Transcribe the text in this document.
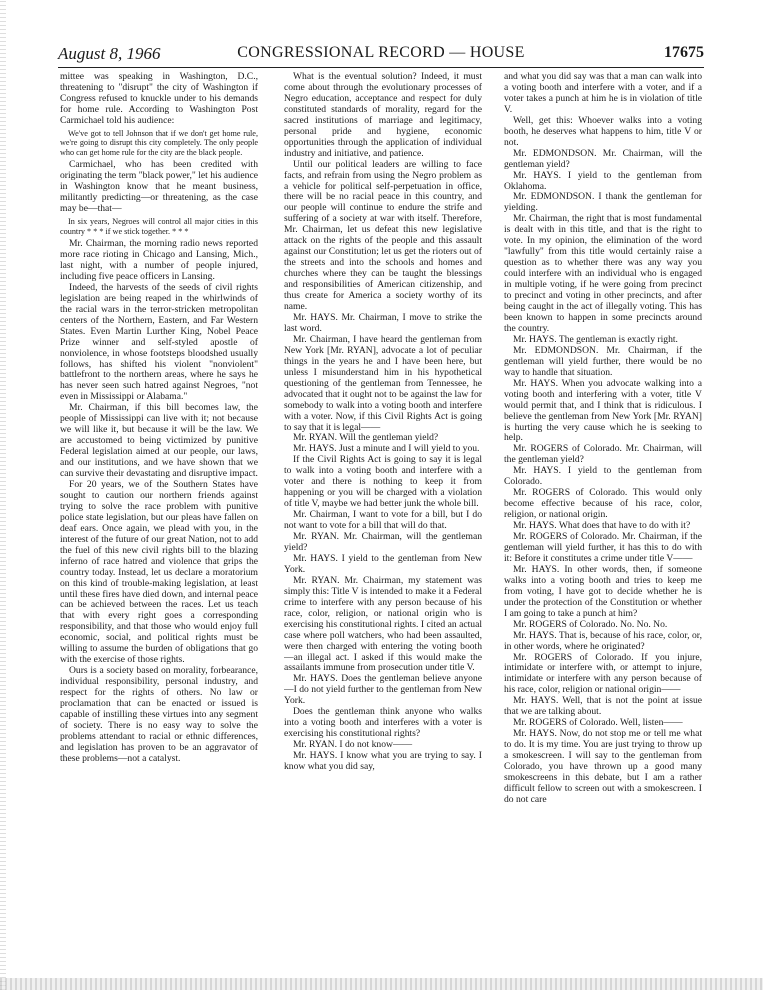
August 8, 1966	CONGRESSIONAL RECORD — HOUSE	17675

mittee was speaking in Washington, D.C., threatening to "disrupt" the city of Washington if Congress refused to knuckle under to his demands for home rule. According to Washington Post Carmichael told his audience:

We've got to tell Johnson that if we don't get home rule, we're going to disrupt this city completely. The only people who can get home rule for the city are the black people.

Carmichael, who has been credited with originating the term "black power," let his audience in Washington know that he meant business, militantly predicting—or threatening, as the case may be—that—

In six years, Negroes will control all major cities in this country * * * if we stick together. * * *

Mr. Chairman, the morning radio news reported more race rioting in Chicago and Lansing, Mich., last night, with a number of people injured, including five peace officers in Lansing.

Indeed, the harvests of the seeds of civil rights legislation are being reaped in the whirlwinds of the racial wars in the terror-stricken metropolitan centers of the Northern, Eastern, and Far Western States. Even Martin Lurther King, Nobel Peace Prize winner and self-styled apostle of nonviolence, in whose footsteps bloodshed usually follows, has shifted his violent "nonviolent" battlefront to the northern areas, where he says he has never seen such hatred against Negroes, "not even in Mississippi or Alabama."

Mr. Chairman, if this bill becomes law, the people of Mississippi can live with it; not because we will like it, but because it will be the law. We are accustomed to being victimized by punitive Federal legislation aimed at our people, our laws, and our institutions, and we have shown that we can survive their devastating and disruptive impact.

For 20 years, we of the Southern States have sought to caution our northern friends against trying to solve the race problem with punitive police state legislation, but our pleas have fallen on deaf ears. Once again, we plead with you, in the interest of the future of our great Nation, not to add the fuel of this new civil rights bill to the blazing inferno of race hatred and violence that grips the country today. Instead, let us declare a moratorium on this kind of trouble-making legislation, at least until these fires have died down, and internal peace can be achieved between the races. Let us teach that with every right goes a corresponding responsibility, and that those who would enjoy full economic, social, and political rights must be willing to assume the burden of obligations that go with the exercise of those rights.

Ours is a society based on morality, forbearance, individual responsibility, personal industry, and respect for the rights of others. No law or proclamation that can be enacted or issued is capable of instilling these virtues into any segment of society. There is no easy way to solve the problems attendant to racial or ethnic differences, and legislation has proven to be an aggravator of these problems—not a catalyst.

What is the eventual solution? Indeed, it must come about through the evolutionary processes of Negro education, acceptance and respect for duly constituted standards of morality, regard for the sacred institutions of marriage and legitimacy, personal pride and hygiene, economic opportunities through the application of individual industry and initiative, and patience.

Until our political leaders are willing to face facts, and refrain from using the Negro problem as a vehicle for political self-perpetuation in office, there will be no racial peace in this country, and our people will continue to endure the strife and suffering of a society at war with itself. Therefore, Mr. Chairman, let us defeat this new legislative attack on the rights of the people and this assault against our Constitution; let us get the rioters out of the streets and into the schools and homes and churches where they can be taught the blessings and responsibilities of American citizenship, and thus create for America a society worthy of its name.

Mr. HAYS. Mr. Chairman, I move to strike the last word.

Mr. Chairman, I have heard the gentleman from New York [Mr. RYAN], advocate a lot of peculiar things in the years he and I have been here, but unless I misunderstand him in his hypothetical questioning of the gentleman from Tennessee, he advocated that it ought not to be against the law for somebody to walk into a voting booth and interfere with a voter. Now, if this Civil Rights Act is going to say that it is legal——

Mr. RYAN. Will the gentleman yield?

Mr. HAYS. Just a minute and I will yield to you.

If the Civil Rights Act is going to say it is legal to walk into a voting booth and interfere with a voter and there is nothing to keep it from happening or you will be charged with a violation of title V, maybe we had better junk the whole bill.

Mr. Chairman, I want to vote for a bill, but I do not want to vote for a bill that will do that.

Mr. RYAN. Mr. Chairman, will the gentleman yield?

Mr. HAYS. I yield to the gentleman from New York.

Mr. RYAN. Mr. Chairman, my statement was simply this: Title V is intended to make it a Federal crime to interfere with any person because of his race, color, religion, or national origin who is exercising his constitutional rights. I cited an actual case where poll watchers, who had been assaulted, were then charged with entering the voting booth—an illegal act. I asked if this would make the assailants immune from prosecution under title V.

Mr. HAYS. Does the gentleman believe anyone—I do not yield further to the gentleman from New York.

Does the gentleman think anyone who walks into a voting booth and interferes with a voter is exercising his constitutional rights?

Mr. RYAN. I do not know——

Mr. HAYS. I know what you are trying to say. I know what you did say,

and what you did say was that a man can walk into a voting booth and interfere with a voter, and if a voter takes a punch at him he is in violation of title V.

Well, get this: Whoever walks into a voting booth, he deserves what happens to him, title V or not.

Mr. EDMONDSON. Mr. Chairman, will the gentleman yield?

Mr. HAYS. I yield to the gentleman from Oklahoma.

Mr. EDMONDSON. I thank the gentleman for yielding.

Mr. Chairman, the right that is most fundamental is dealt with in this title, and that is the right to vote. In my opinion, the elimination of the word "lawfully" from this title would certainly raise a question as to whether there was any way you could interfere with an individual who is engaged in multiple voting, if he were going from precinct to precinct and voting in other precincts, and after being caught in the act of illegally voting. This has been known to happen in some precincts around the country.

Mr. HAYS. The gentleman is exactly right.

Mr. EDMONDSON. Mr. Chairman, if the gentleman will yield further, there would be no way to handle that situation.

Mr. HAYS. When you advocate walking into a voting booth and interfering with a voter, title V would permit that, and I think that is ridiculous. I believe the gentleman from New York [Mr. RYAN] is hurting the very cause which he is seeking to help.

Mr. ROGERS of Colorado. Mr. Chairman, will the gentleman yield?

Mr. HAYS. I yield to the gentleman from Colorado.

Mr. ROGERS of Colorado. This would only become effective because of his race, color, religion, or national origin.

Mr. HAYS. What does that have to do with it?

Mr. ROGERS of Colorado. Mr. Chairman, if the gentleman will yield further, it has this to do with it: Before it constitutes a crime under title V——

Mr. HAYS. In other words, then, if someone walks into a voting booth and tries to keep me from voting, I have got to decide whether he is under the protection of the Constitution or whether I am going to take a punch at him?

Mr. ROGERS of Colorado. No. No. No.

Mr. HAYS. That is, because of his race, color, or, in other words, where he originated?

Mr. ROGERS of Colorado. If you injure, intimidate or interfere with, or attempt to injure, intimidate or interfere with any person because of his race, color, religion or national origin——

Mr. HAYS. Well, that is not the point at issue that we are talking about.

Mr. ROGERS of Colorado. Well, listen——

Mr. HAYS. Now, do not stop me or tell me what to do. It is my time. You are just trying to throw up a smokescreen. I will say to the gentleman from Colorado, you have thrown up a good many smokescreens in this debate, but I am a rather difficult fellow to screen out with a smokescreen. I do not care
